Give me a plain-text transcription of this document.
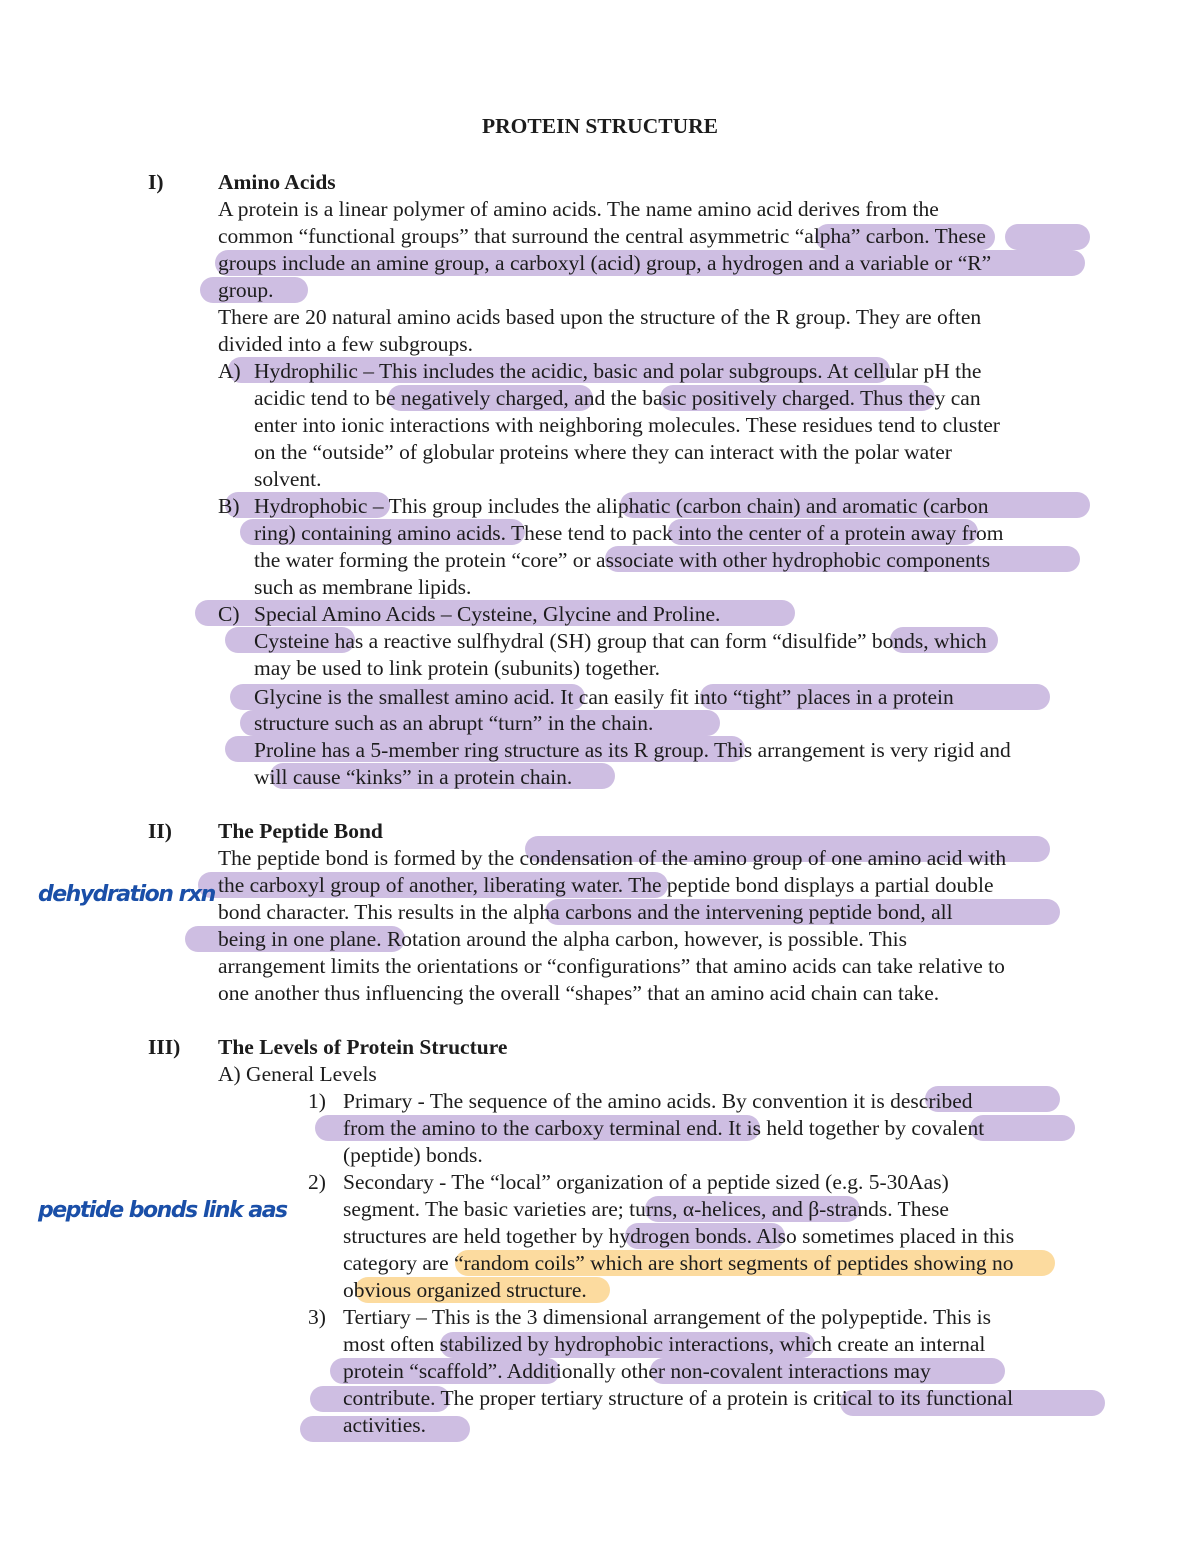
dehydration rxn
peptide bonds link aas
PROTEIN STRUCTURE
I)	Amino Acids
A protein is a linear polymer of amino acids. The name amino acid derives from the
common “functional groups” that surround the central asymmetric “alpha” carbon. These
groups include an amine group, a carboxyl (acid) group, a hydrogen and a variable or “R”
group.
There are 20 natural amino acids based upon the structure of the R group. They are often
divided into a few subgroups.
A) Hydrophilic – This includes the acidic, basic and polar subgroups. At cellular pH the
acidic tend to be negatively charged, and the basic positively charged. Thus they can
enter into ionic interactions with neighboring molecules. These residues tend to cluster
on the “outside” of globular proteins where they can interact with the polar water
solvent.
B) Hydrophobic – This group includes the aliphatic (carbon chain) and aromatic (carbon
ring) containing amino acids. These tend to pack into the center of a protein away from
the water forming the protein “core” or associate with other hydrophobic components
such as membrane lipids.
C) Special Amino Acids – Cysteine, Glycine and Proline.
Cysteine has a reactive sulfhydral (SH) group that can form “disulfide” bonds, which
may be used to link protein (subunits) together.
Glycine is the smallest amino acid. It can easily fit into “tight” places in a protein
structure such as an abrupt “turn” in the chain.
Proline has a 5-member ring structure as its R group. This arrangement is very rigid and
will cause “kinks” in a protein chain.
II) The Peptide Bond
The peptide bond is formed by the condensation of the amino group of one amino acid with
the carboxyl group of another, liberating water. The peptide bond displays a partial double
bond character. This results in the alpha carbons and the intervening peptide bond, all
being in one plane. Rotation around the alpha carbon, however, is possible. This
arrangement limits the orientations or “configurations” that amino acids can take relative to
one another thus influencing the overall “shapes” that an amino acid chain can take.
III) The Levels of Protein Structure
A) General Levels
1) Primary - The sequence of the amino acids. By convention it is described
from the amino to the carboxy terminal end. It is held together by covalent
(peptide) bonds.
2) Secondary - The “local” organization of a peptide sized (e.g. 5-30Aas)
segment. The basic varieties are; turns, α-helices, and β-strands. These
structures are held together by hydrogen bonds. Also sometimes placed in this
category are “random coils” which are short segments of peptides showing no
obvious organized structure.
3) Tertiary – This is the 3 dimensional arrangement of the polypeptide. This is
most often stabilized by hydrophobic interactions, which create an internal
protein “scaffold”. Additionally other non-covalent interactions may
contribute. The proper tertiary structure of a protein is critical to its functional
activities.
